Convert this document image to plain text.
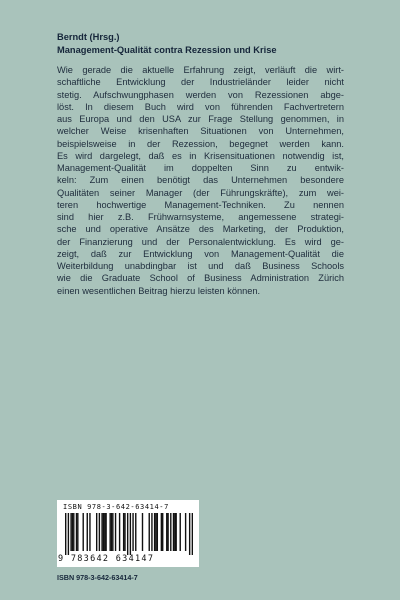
Berndt (Hrsg.)
Management-Qualität contra Rezession und Krise
Wie gerade die aktuelle Erfahrung zeigt, verläuft die wirt-
schaftliche Entwicklung der Industrieländer leider nicht
stetig. Aufschwungphasen werden von Rezessionen abge-
löst. In diesem Buch wird von führenden Fachvertretern
aus Europa und den USA zur Frage Stellung genommen, in
welcher Weise krisenhaften Situationen von Unternehmen,
beispielsweise in der Rezession, begegnet werden kann.
Es wird dargelegt, daß es in Krisensituationen notwendig ist,
Management-Qualität im doppelten Sinn zu entwik-
keln: Zum einen benötigt das Unternehmen besondere
Qualitäten seiner Manager (der Führungskräfte), zum wei-
teren hochwertige Management-Techniken. Zu nennen
sind hier z.B. Frühwarnsysteme, angemessene strategi-
sche und operative Ansätze des Marketing, der Produktion,
der Finanzierung und der Personalentwicklung. Es wird ge-
zeigt, daß zur Entwicklung von Management-Qualität die
Weiterbildung unabdingbar ist und daß Business Schools
wie die Graduate School of Business Administration Zürich
einen wesentlichen Beitrag hierzu leisten können.
ISBN 978-3-642-63414-7
9 783642 634147
ISBN 978-3-642-63414-7
